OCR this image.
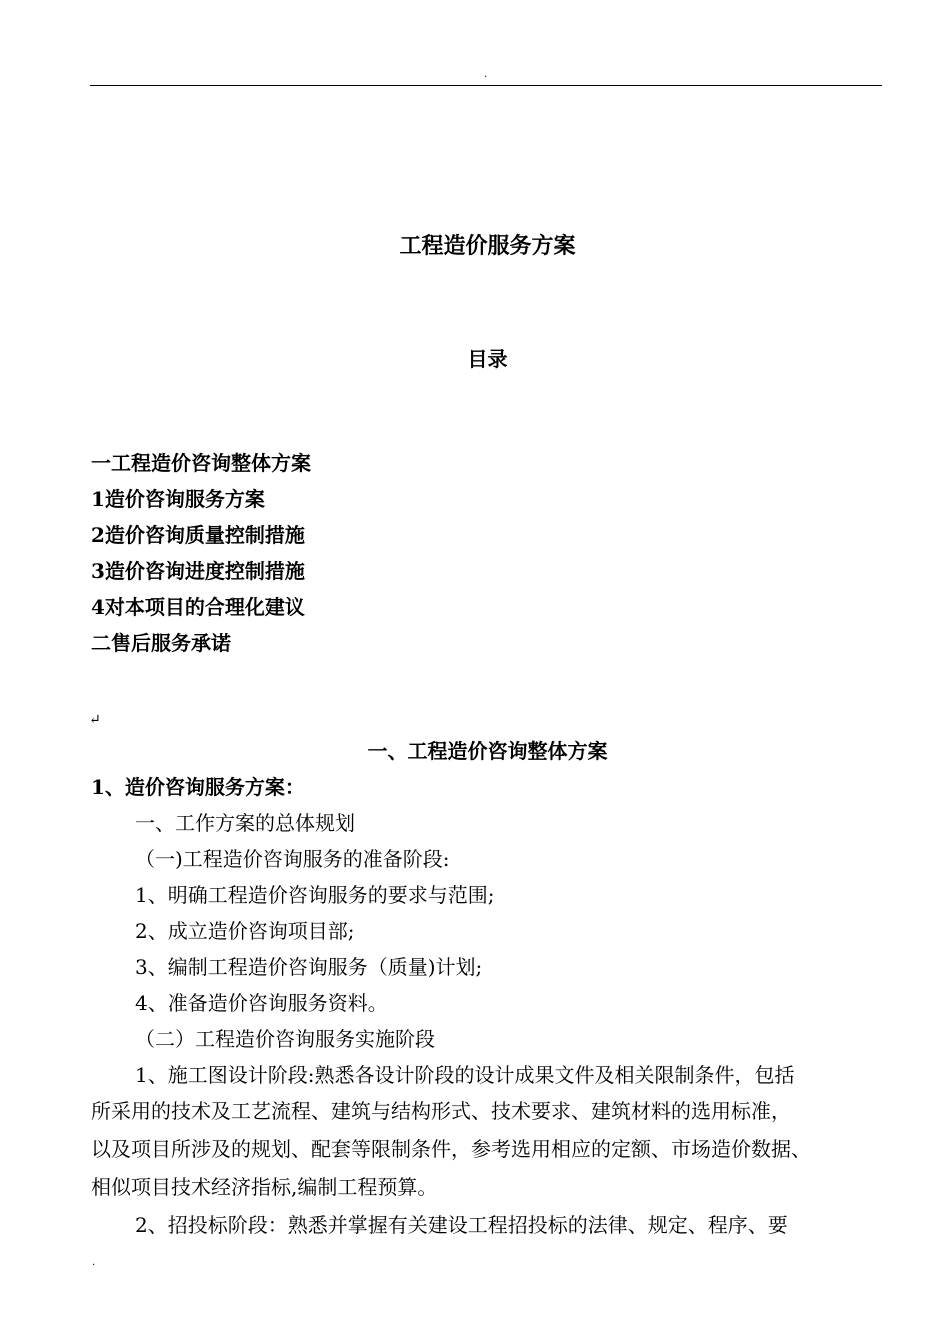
.
工程造价服务方案
目录
一工程造价咨询整体方案
1造价咨询服务方案
2造价咨询质量控制措施
3造价咨询进度控制措施
4对本项目的合理化建议
二售后服务承诺
↵
一、工程造价咨询整体方案
1、造价咨询服务方案：
一、工作方案的总体规划
（一)工程造价咨询服务的准备阶段:
1、明确工程造价咨询服务的要求与范围;
2、成立造价咨询项目部;
3、编制工程造价咨询服务（质量)计划;
4、准备造价咨询服务资料。
（二）工程造价咨询服务实施阶段
1、施工图设计阶段:熟悉各设计阶段的设计成果文件及相关限制条件，包括
所采用的技术及工艺流程、建筑与结构形式、技术要求、建筑材料的选用标准，
以及项目所涉及的规划、配套等限制条件，参考选用相应的定额、市场造价数据、
相似项目技术经济指标,编制工程预算。
2、招投标阶段：熟悉并掌握有关建设工程招投标的法律、规定、程序、要
.
